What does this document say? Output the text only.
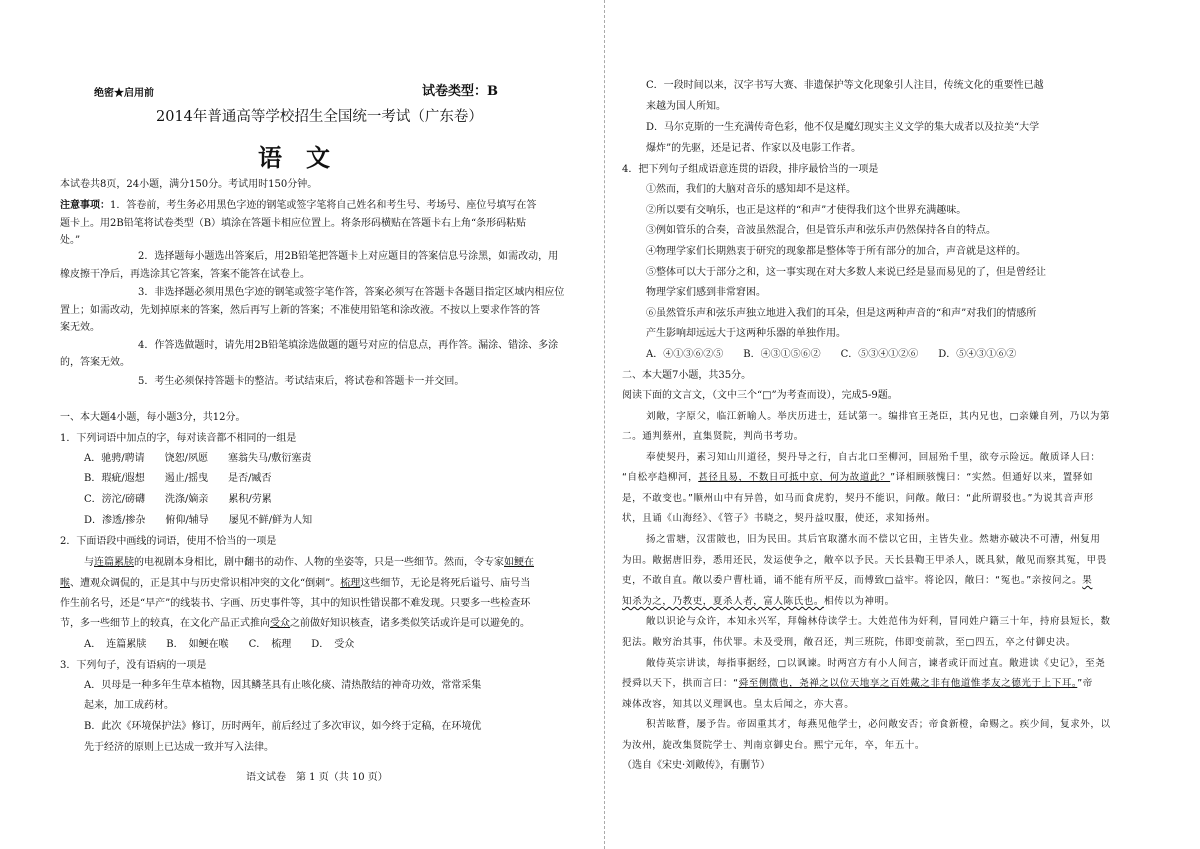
绝密★启用前	试卷类型：B
2014年普通高等学校招生全国统一考试（广东卷）
语　文
本试卷共8页，24小题，满分150分。考试用时150分钟。
注意事项：1．答卷前，考生务必用黑色字迹的钢笔或签字笔将自己姓名和考生号、考场号、座位号填写在答
题卡上。用2B铅笔将试卷类型（B）填涂在答题卡相应位置上。将条形码横贴在答题卡右上角“条形码粘贴
处。”
2．选择题每小题选出答案后，用2B铅笔把答题卡上对应题目的答案信息号涂黑，如需改动，用
橡皮擦干净后，再选涂其它答案，答案不能答在试卷上。
3．非选择题必须用黑色字迹的钢笔或签字笔作答，答案必须写在答题卡各题目指定区域内相应位
置上；如需改动，先划掉原来的答案，然后再写上新的答案；不准使用铅笔和涂改液。不按以上要求作答的答
案无效。
4．作答选做题时，请先用2B铅笔填涂选做题的题号对应的信息点，再作答。漏涂、错涂、多涂
的，答案无效。
5．考生必须保持答题卡的整洁。考试结束后，将试卷和答题卡一并交回。
一、本大题4小题，每小题3分，共12分。
1．下列词语中加点的字，每对读音都不相同的一组是
A．驰骋/聘请　　饶恕/夙愿　　塞翁失马/敷衍塞责
B．瑕疵/遐想　　遏止/摇曳　　是否/臧否
C．滂沱/磅礴　　洗涤/嫡亲　　累积/劳累
D．渗透/掺杂　　俯仰/辅导　　屡见不鲜/鲜为人知
2．下面语段中画线的词语，使用不恰当的一项是
与连篇累牍的电视剧本身相比，剧中翻书的动作、人物的坐姿等，只是一些细节。然而，令专家如鲠在
喉、遭观众调侃的，正是其中与历史常识相冲突的文化“倒刺”。梳理这些细节，无论是将死后谥号、庙号当
作生前名号，还是“早产”的线装书、字画、历史事件等，其中的知识性错误都不难发现。只要多一些检查环
节，多一些细节上的较真，在文化产品正式推向受众之前做好知识核查，诸多类似笑话或许是可以避免的。
A．　连篇累牍　　B．　如鲠在喉　　C．　梳理　　D．　受众
3．下列句子，没有语病的一项是
A．贝母是一种多年生草本植物，因其鳞茎具有止咳化痰、清热散结的神奇功效，常常采集
起来，加工成药材。
B．此次《环境保护法》修订，历时两年，前后经过了多次审议，如今终于定稿，在环境优
先于经济的原则上已达成一致并写入法律。
语文试卷　第 1 页（共 10 页）
C．一段时间以来，汉字书写大赛、非遗保护等文化现象引人注目，传统文化的重要性已越
来越为国人所知。
D．马尔克斯的一生充满传奇色彩，他不仅是魔幻现实主义文学的集大成者以及拉美“大学
爆炸”的先驱，还是记者、作家以及电影工作者。
4．把下列句子组成语意连贯的语段，排序最恰当的一项是
①然而，我们的大脑对音乐的感知却不是这样。
②所以要有交响乐，也正是这样的“和声”才使得我们这个世界充满趣味。
③例如管乐的合奏，音波虽然混合，但是管乐声和弦乐声仍然保持各自的特点。
④物理学家们长期熟衷于研究的现象都是整体等于所有部分的加合，声音就是这样的。
⑤整体可以大于部分之和，这一事实现在对大多数人来说已经是显而易见的了，但是曾经让
物理学家们感到非常窘困。
⑥虽然管乐声和弦乐声独立地进入我们的耳朵，但是这两种声音的“和声”对我们的情感所
产生影响却远远大于这两种乐器的单独作用。
A．④①③⑥②⑤　　B．④③①⑤⑥②　　C．⑤③④①②⑥　　D．⑤④③①⑥②
二、本大题7小题，共35分。
阅读下面的文言文，（文中三个“□”为考查而设），完成5-9题。
刘敞，字原父，临江新喻人。举庆历进士，廷试第一。编排官王尧臣，其内兄也，□亲嫌自列，乃以为第
二。通判蔡州，直集贤院，判尚书考功。
奉使契丹，素习知山川道径，契丹导之行，自古北口至柳河，回屈殆千里，欲夸示险远。敞质译人曰：
“自松亭趋柳河，甚径且易，不数日可抵中京，何为故道此？”译相顾骇愧曰：“实然。但通好以来，置驿如
是，不敢变也。”顺州山中有异兽，如马而食虎豹，契丹不能识，问敞。敞曰：“此所谓驳也。”为说其音声形
状，且诵《山海经》、《管子》书晓之，契丹益叹服，使还，求知扬州。
扬之雷塘，汉雷陂也，旧为民田。其后官取潴水而不偿以它田，主皆失业。然塘亦破决不可漕，州复用
为田。敞据唐旧券，悉用还民，发运使争之，敞卒以予民。天长县鞫王甲杀人，既具狱，敞见而察其冤，甲畏
吏，不敢自直。敞以委户曹杜诵，诵不能有所平反，而傅致□益牢。将论囚，敞曰：“冤也。”亲按问之。果
知杀为之，乃教吏，夏杀人者，富人陈氏也。相传以为神明。
敞以识论与众许，本知永兴军，拜翰林侍读学士。大姓范伟为奸利，冒同姓户籍三十年，持府县短长，数
犯法。敞穷治其事，伟伏罪。未及受刑，敞召还，判三班院，伟即变前款，至□四五，卒之付御史决。
敞侍英宗讲读，每指事据经，□以讽谏。时两宫方有小人间言，谏者或讦而过直。敞进读《史记》，至尧
授舜以天下，拱而言曰：“舜至侧微也，尧禅之以位天地享之百姓戴之非有他道惟孝友之德光于上下耳。”帝
竦体改容，知其以义理讽也。皇太后闻之，亦大喜。
积苦眩瞀，屡予告。帝固重其才，每燕见他学士，必问敞安否；帝食新橙，命赐之。疾少间，复求外，以
为汝州，旋改集贤院学士、判南京御史台。熙宁元年，卒，年五十。
（选自《宋史·刘敞传》，有删节）
